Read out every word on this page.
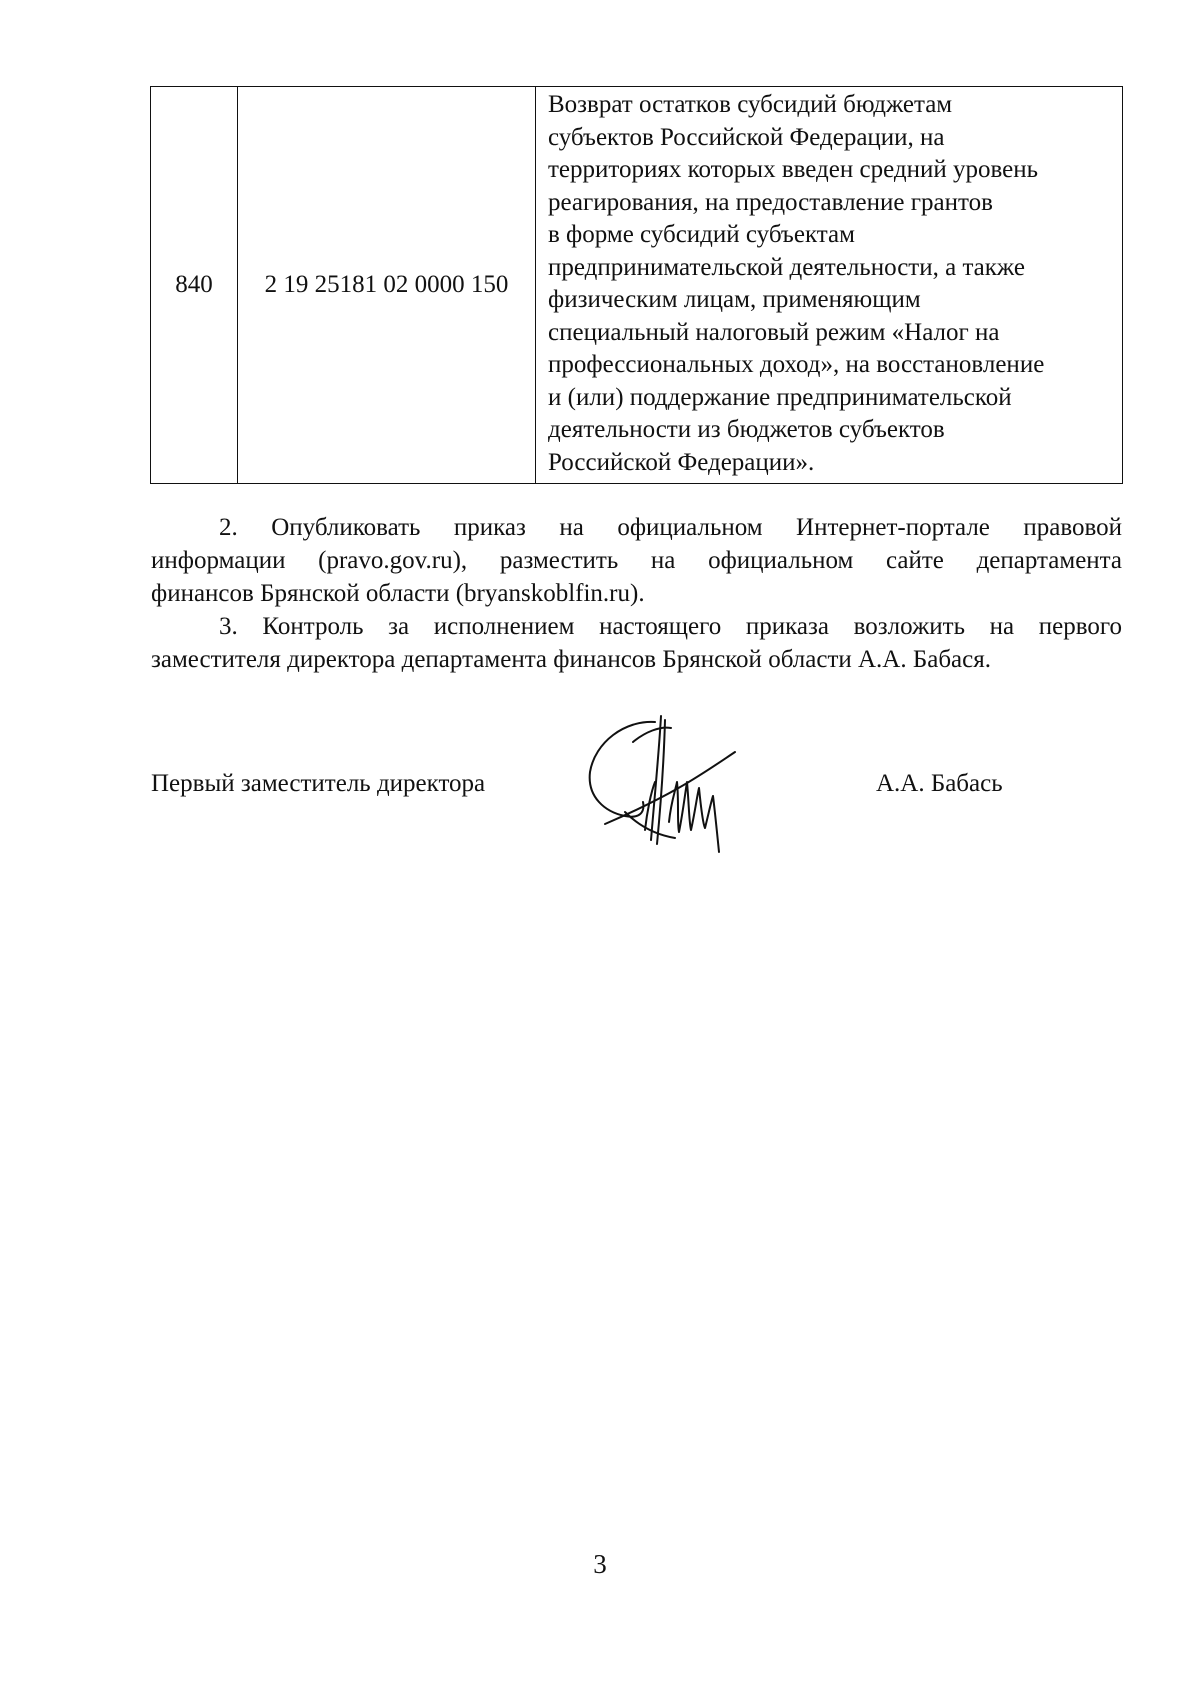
840	2 19 25181 02 0000 150	
Возврат остатков субсидий бюджетам
субъектов Российской Федерации, на
территориях которых введен средний уровень
реагирования, на предоставление грантов
в форме субсидий субъектам
предпринимательской деятельности, а также
физическим лицам, применяющим
специальный налоговый режим «Налог на
профессиональных доход», на восстановление
и (или) поддержание предпринимательской
деятельности из бюджетов субъектов
Российской Федерации».
2. Опубликовать приказ на официальном Интернет-портале правовой
информации (pravo.gov.ru), разместить на официальном сайте департамента
финансов Брянской области (bryanskoblfin.ru).
3. Контроль за исполнением настоящего приказа возложить на первого
заместителя директора департамента финансов Брянской области А.А. Бабася.
Первый заместитель директора	А.А. Бабась
3
